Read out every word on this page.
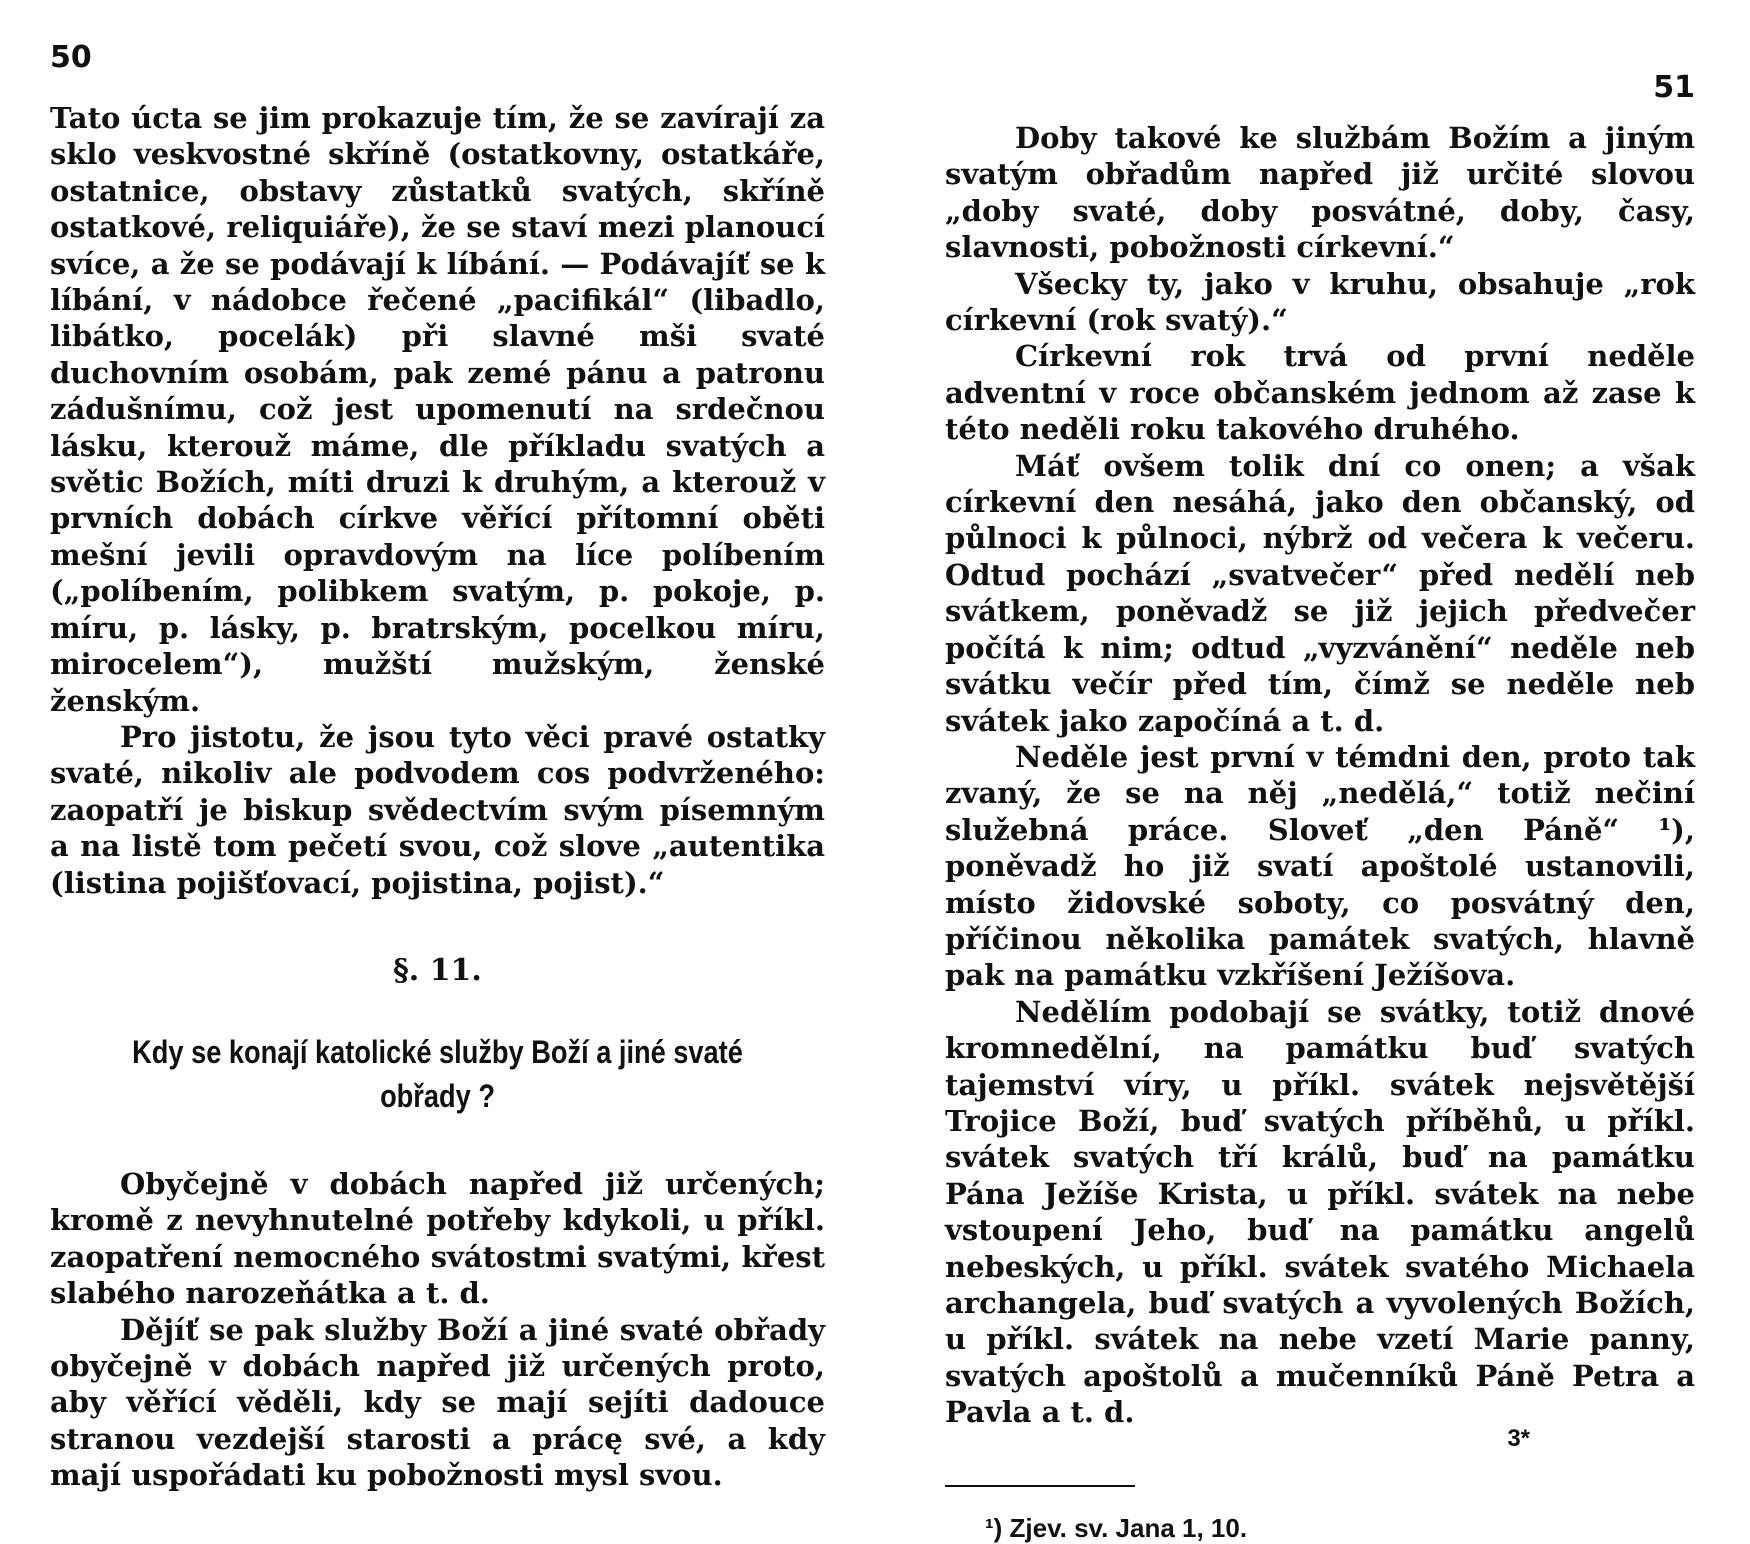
50

Tato úcta se jim prokazuje tím, že se zavírají za sklo veskvostné skříně (ostatkovny, ostatkáře, ostatnice, obstavy zůstatků svatých, skříně ostatkové, reliquiáře), že se staví mezi planoucí svíce, a že se podávají k líbání. — Podávajíť se k líbání, v nádobce řečené „pacifikál“ (libadlo, libátko, pocelák) při slavné mši svaté duchovním osobám, pak zemé pánu a patronu zádušnímu, což jest upomenutí na srdečnou lásku, kterouž máme, dle příkladu svatých a světic Božích, míti druzi k druhým, a kterouž v prvních dobách církve věřící přítomní oběti mešní jevili opravdovým na líce políbením („políbením, polibkem svatým, p. pokoje, p. míru, p. lásky, p. bratrským, pocelkou míru, mirocelem“), mužští mužským, ženské ženským.

Pro jistotu, že jsou tyto věci pravé ostatky svaté, nikoliv ale podvodem cos podvrženého: zaopatří je biskup svědectvím svým písemným a na listě tom pečetí svou, což slove „autentika (listina pojišťovací, pojistina, pojist).“

§. 11.
Kdy se konají katolické služby Boží a jiné svaté obřady ?

Obyčejně v dobách napřed již určených; kromě z nevyhnutelné potřeby kdykoli, u příkl. zaopatření nemocného svátostmi svatými, křest slabého narozeňátka a t. d.

Dějíť se pak služby Boží a jiné svaté obřady obyčejně v dobách napřed již určených proto, aby věřící věděli, kdy se mají sejíti dadouce stranou vezdejší starosti a prácę své, a kdy mají uspořádati ku pobožnosti mysl svou.

51

Doby takové ke službám Božím a jiným svatým obřadům napřed již určité slovou „doby svaté, doby posvátné, doby, časy, slavnosti, pobožnosti církevní.“

Všecky ty, jako v kruhu, obsahuje „rok církevní (rok svatý).“

Církevní rok trvá od první neděle adventní v roce občanském jednom až zase k této neděli roku takového druhého.

Máť ovšem tolik dní co onen; a však církevní den nesáhá, jako den občanský, od půlnoci k půlnoci, nýbrž od večera k večeru. Odtud pochází „svatvečer“ před nedělí neb svátkem, poněvadž se již jejich předvečer počítá k nim; odtud „vyzvánění“ neděle neb svátku večír před tím, čímž se neděle neb svátek jako započíná a t. d.

Neděle jest první v témdni den, proto tak zvaný, že se na něj „nedělá,“ totiž nečiní služebná práce. Sloveť „den Páně“ ¹), poněvadž ho již svatí apoštolé ustanovili, místo židovské soboty, co posvátný den, příčinou několika památek svatých, hlavně pak na památku vzkříšení Ježíšova.

Nedělím podobají se svátky, totiž dnové kromnedělní, na památku buď svatých tajemství víry, u příkl. svátek nejsvětější Trojice Boží, buď svatých příběhů, u příkl. svátek svatých tří králů, buď na památku Pána Ježíše Krista, u příkl. svátek na nebe vstoupení Jeho, buď na památku angelů nebeských, u příkl. svátek svatého Michaela archangela, buď svatých a vyvolených Božích, u příkl. svátek na nebe vzetí Marie panny, svatých apoštolů a mučenníků Páně Petra a Pavla a t. d.

¹) Zjev. sv. Jana 1, 10.
3*
